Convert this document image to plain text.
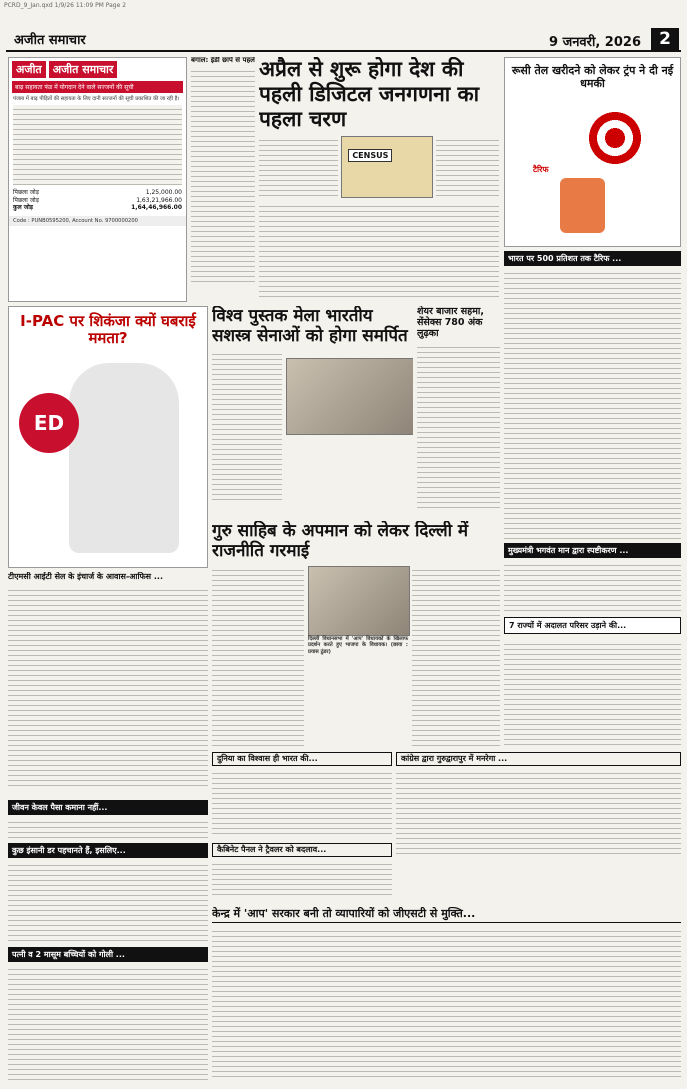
PCRD_9_Jan.qxd 1/9/26 11:09 PM Page 2
अजीत समाचार	9 जनवरी, 2026	2
अजीत	अजीत समाचार
बाढ़ सहायता फंड में योगदान देने वाले सज्जनों की सूची
पंजाब में बाढ़ पीड़ितों की सहायता के लिए दानी सज्जनों की सूची प्रकाशित की जा रही है।
पिछला जोड़	1,25,000.00
पिछला जोड़	1,63,21,966.00
कुल जोड़	1,64,46,966.00
Code : PUNB0595200, Account No. 9700000200
बंगाल: ईडी छापे से पहले अप्रैल से शुरू होगा देश की पहली डिजिटल जनगणना का पहला चरण
CENSUS
रूसी तेल खरीदने को लेकर ट्रंप ने दी नई धमकी
टैरिफ
भारत पर 500 प्रतिशत तक टैरिफ ...
मुख्यमंत्री भगवंत मान द्वारा स्पष्टीकरण ...
7 राज्यों में अदालत परिसर उड़ाने की...
I-PAC पर शिकंजा क्यों घबराई ममता?
ED
विश्व पुस्तक मेला भारतीय सशस्त्र सेनाओं को होगा समर्पित
शेयर बाजार सहमा, सेंसेक्स 780 अंक लुढ़का
गुरु साहिब के अपमान को लेकर दिल्ली में राजनीति गरमाई
दिल्ली विधानसभा में 'आप' विधायकों के खिलाफ प्रदर्शन करते हुए भाजपा के विधायक। (छाया : प्रयास ठुंडर)
टीएमसी आईटी सेल के इंचार्ज के आवास-आफिस ...
जीवन केवल पैसा कमाना नहीं...
दुनिया का विश्वास ही भारत की...	कांग्रेस द्वारा गुरुद्वारापुर में मनरेगा ...
कुछ इंसानी डर पहचानते हैं, इसलिए...	कैबिनेट पैनल ने ट्रैवलर को बदलाव...
पत्नी व 2 मासूम बच्चियों को गोली ...
केन्द्र में 'आप' सरकार बनी तो व्यापारियों को जीएसटी से मुक्ति...
